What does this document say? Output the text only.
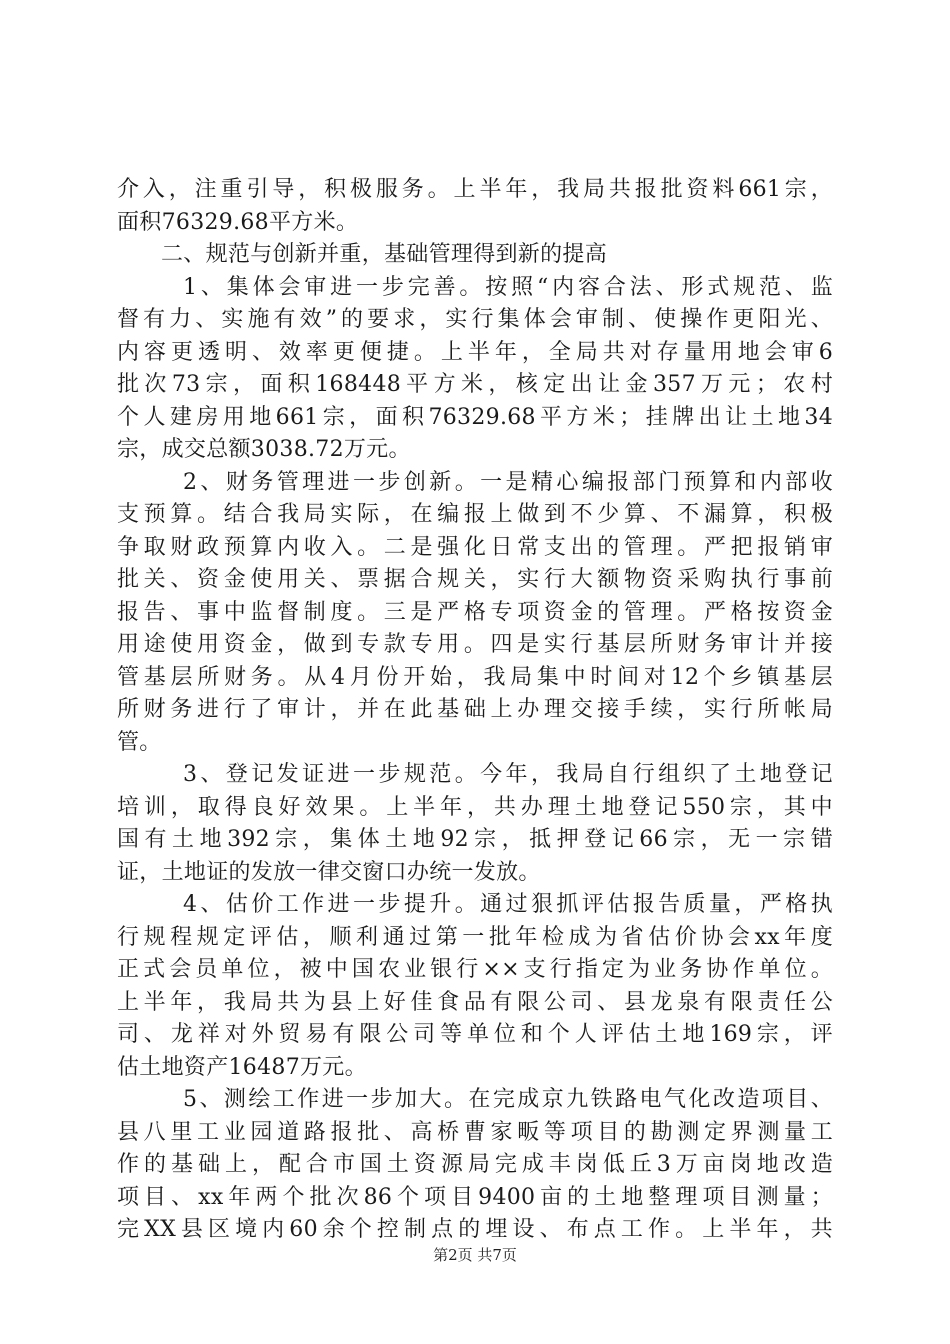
介入，注重引导，积极服务。上半年，我局共报批资料661宗，
面积76329.68平方米。
二、规范与创新并重，基础管理得到新的提高
1、集体会审进一步完善。按照“内容合法、形式规范、监
督有力、实施有效”的要求，实行集体会审制、使操作更阳光、
内容更透明、效率更便捷。上半年，全局共对存量用地会审6
批次73宗，面积168448平方米，核定出让金357万元；农村
个人建房用地661宗，面积76329.68平方米；挂牌出让土地34
宗，成交总额3038.72万元。
2、财务管理进一步创新。一是精心编报部门预算和内部收
支预算。结合我局实际，在编报上做到不少算、不漏算，积极
争取财政预算内收入。二是强化日常支出的管理。严把报销审
批关、资金使用关、票据合规关，实行大额物资采购执行事前
报告、事中监督制度。三是严格专项资金的管理。严格按资金
用途使用资金，做到专款专用。四是实行基层所财务审计并接
管基层所财务。从4月份开始，我局集中时间对12个乡镇基层
所财务进行了审计，并在此基础上办理交接手续，实行所帐局
管。
3、登记发证进一步规范。今年，我局自行组织了土地登记
培训，取得良好效果。上半年，共办理土地登记550宗，其中
国有土地392宗，集体土地92宗，抵押登记66宗，无一宗错
证，土地证的发放一律交窗口办统一发放。
4、估价工作进一步提升。通过狠抓评估报告质量，严格执
行规程规定评估，顺利通过第一批年检成为省估价协会xx年度
正式会员单位，被中国农业银行××支行指定为业务协作单位。
上半年，我局共为县上好佳食品有限公司、县龙泉有限责任公
司、龙祥对外贸易有限公司等单位和个人评估土地169宗，评
估土地资产16487万元。
5、测绘工作进一步加大。在完成京九铁路电气化改造项目、
县八里工业园道路报批、高桥曹家畈等项目的勘测定界测量工
作的基础上，配合市国土资源局完成丰岗低丘3万亩岗地改造
项目、xx年两个批次86个项目9400亩的土地整理项目测量；
完XX县区境内60余个控制点的埋设、布点工作。上半年，共
第2页 共7页
